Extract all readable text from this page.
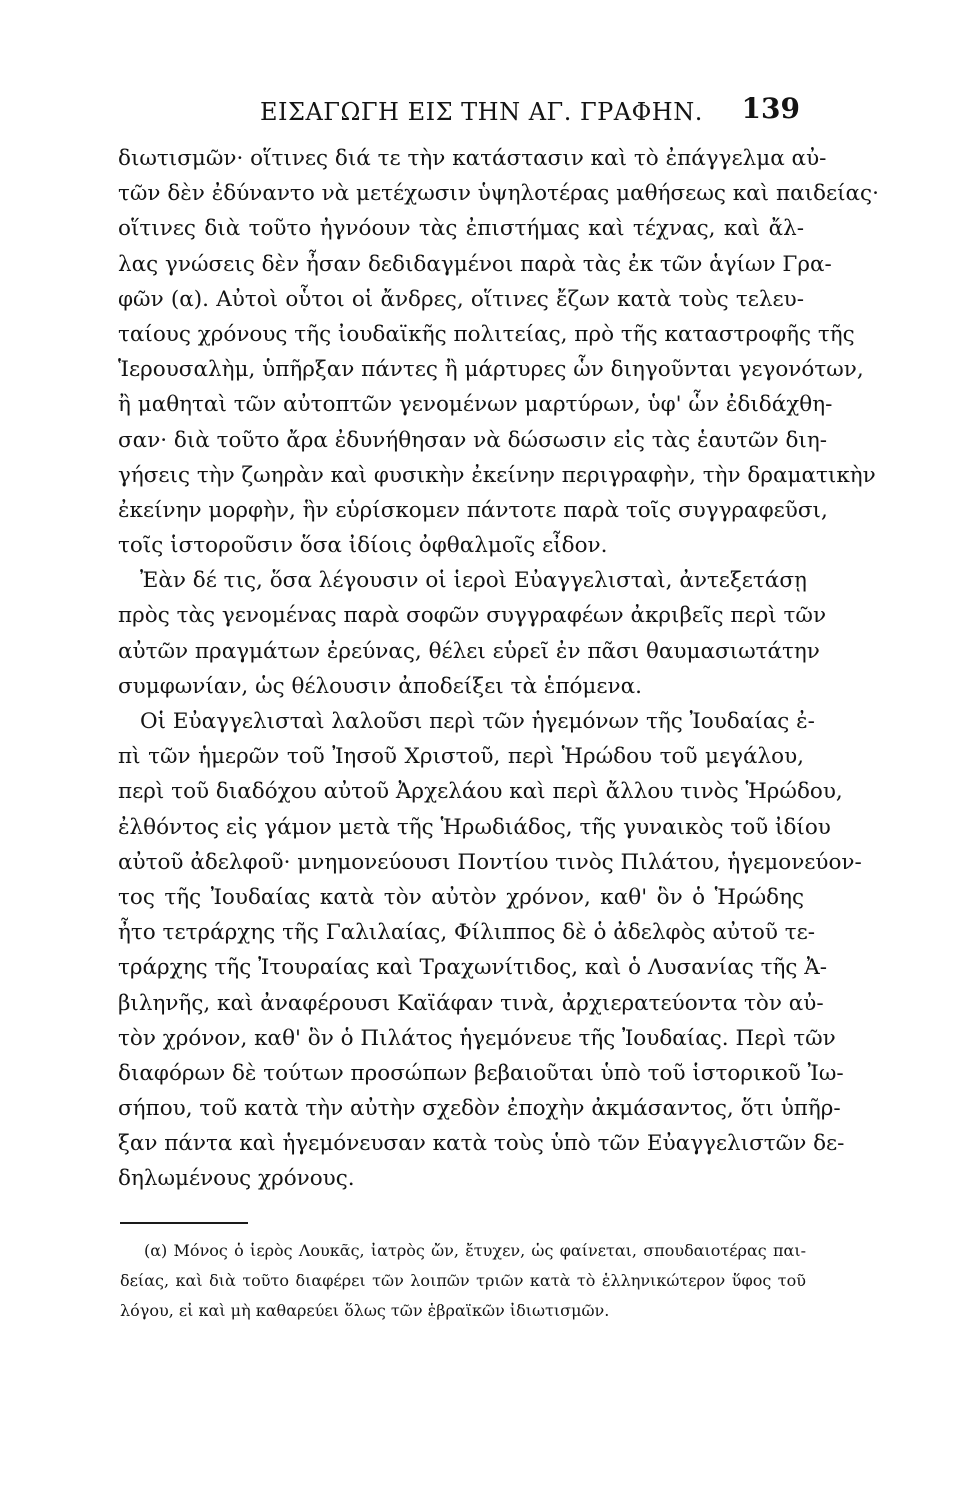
ΕΙΣΑΓΩΓΗ ΕΙΣ ΤΗΝ ΑΓ. ΓΡΑΦΗΝ. 139
διωτισμῶν· οἵτινες διά τε τὴν κατάστασιν καὶ τὸ ἐπάγγελμα αὐ-
τῶν δὲν ἐδύναντο νὰ μετέχωσιν ὑψηλοτέρας μαθήσεως καὶ παιδείας·
οἵτινες διὰ τοῦτο ἠγνόουν τὰς ἐπιστήμας καὶ τέχνας, καὶ ἄλ-
λας γνώσεις δὲν ἦσαν δεδιδαγμένοι παρὰ τὰς ἐκ τῶν ἁγίων Γρα-
φῶν (α). Αὐτοὶ οὗτοι οἱ ἄνδρες, οἵτινες ἔζων κατὰ τοὺς τελευ-
ταίους χρόνους τῆς ἰουδαϊκῆς πολιτείας, πρὸ τῆς καταστροφῆς τῆς
Ἱερουσαλὴμ, ὑπῆρξαν πάντες ἢ μάρτυρες ὧν διηγοῦνται γεγονότων,
ἢ μαθηταὶ τῶν αὐτοπτῶν γενομένων μαρτύρων, ὑφ' ὧν ἐδιδάχθη-
σαν· διὰ τοῦτο ἄρα ἐδυνήθησαν νὰ δώσωσιν εἰς τὰς ἑαυτῶν διη-
γήσεις τὴν ζωηρὰν καὶ φυσικὴν ἐκείνην περιγραφὴν, τὴν δραματικὴν
ἐκείνην μορφὴν, ἣν εὑρίσκομεν πάντοτε παρὰ τοῖς συγγραφεῦσι,
τοῖς ἱστοροῦσιν ὅσα ἰδίοις ὀφθαλμοῖς εἶδον.
Ἐὰν δέ τις, ὅσα λέγουσιν οἱ ἱεροὶ Εὐαγγελισταὶ, ἀντεξετάσῃ
πρὸς τὰς γενομένας παρὰ σοφῶν συγγραφέων ἀκριβεῖς περὶ τῶν
αὐτῶν πραγμάτων ἐρεύνας, θέλει εὑρεῖ ἐν πᾶσι θαυμασιωτάτην
συμφωνίαν, ὡς θέλουσιν ἀποδείξει τὰ ἑπόμενα.
Οἱ Εὐαγγελισταὶ λαλοῦσι περὶ τῶν ἡγεμόνων τῆς Ἰουδαίας ἐ-
πὶ τῶν ἡμερῶν τοῦ Ἰησοῦ Χριστοῦ, περὶ Ἡρώδου τοῦ μεγάλου,
περὶ τοῦ διαδόχου αὐτοῦ Ἀρχελάου καὶ περὶ ἄλλου τινὸς Ἡρώδου,
ἐλθόντος εἰς γάμον μετὰ τῆς Ἡρωδιάδος, τῆς γυναικὸς τοῦ ἰδίου
αὐτοῦ ἀδελφοῦ· μνημονεύουσι Ποντίου τινὸς Πιλάτου, ἡγεμονεύον-
τος τῆς Ἰουδαίας κατὰ τὸν αὐτὸν χρόνον, καθ' ὃν ὁ Ἡρώδης
ἦτο τετράρχης τῆς Γαλιλαίας, Φίλιππος δὲ ὁ ἀδελφὸς αὐτοῦ τε-
τράρχης τῆς Ἰτουραίας καὶ Τραχωνίτιδος, καὶ ὁ Λυσανίας τῆς Ἀ-
βιληνῆς, καὶ ἀναφέρουσι Καϊάφαν τινὰ, ἀρχιερατεύοντα τὸν αὐ-
τὸν χρόνον, καθ' ὃν ὁ Πιλάτος ἡγεμόνευε τῆς Ἰουδαίας. Περὶ τῶν
διαφόρων δὲ τούτων προσώπων βεβαιοῦται ὑπὸ τοῦ ἱστορικοῦ Ἰω-
σήπου, τοῦ κατὰ τὴν αὐτὴν σχεδὸν ἐποχὴν ἀκμάσαντος, ὅτι ὑπῆρ-
ξαν πάντα καὶ ἡγεμόνευσαν κατὰ τοὺς ὑπὸ τῶν Εὐαγγελιστῶν δε-
δηλωμένους χρόνους.
(α) Μόνος ὁ ἱερὸς Λουκᾶς, ἰατρὸς ὤν, ἔτυχεν, ὡς φαίνεται, σπουδαιοτέρας παι-
δείας, καὶ διὰ τοῦτο διαφέρει τῶν λοιπῶν τριῶν κατὰ τὸ ἑλληνικώτερον ὕφος τοῦ
λόγου, εἰ καὶ μὴ καθαρεύει ὅλως τῶν ἑβραϊκῶν ἰδιωτισμῶν.
